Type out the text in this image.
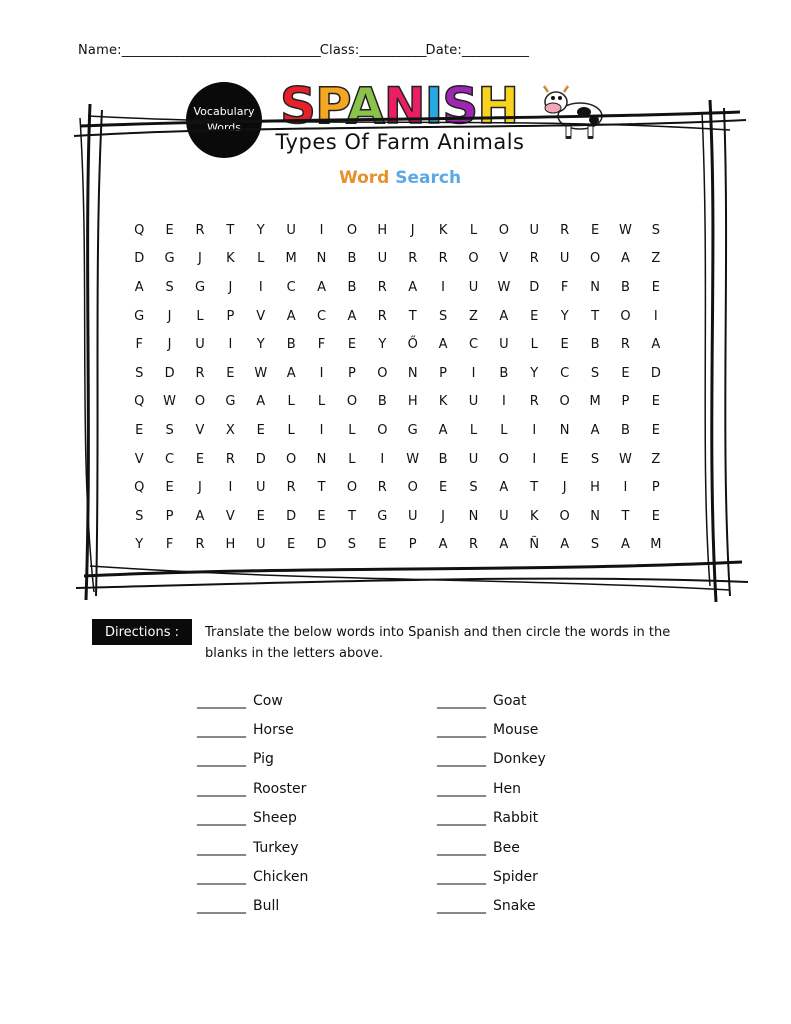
Name:____________________________________Class:____________Date:____________
Vocabulary
Words SPANISH
Types Of Farm Animals
Word Search
Q	E	R	T	Y	U	I	O	H	J	K	L	O	U	R	E	W	S
D	G	J	K	L	M	N	B	U	R	R	O	V	R	U	O	A	Z
A	S	G	J	I	C	A	B	R	A	I	U	W	D	F	N	B	E
G	J	L	P	V	A	C	A	R	T	S	Z	A	E	Y	T	O	I
F	J	U	I	Y	B	F	E	Y	Ő	A	C	U	L	E	B	R	A
S	D	R	E	W	A	I	P	O	N	P	I	B	Y	C	S	E	D
Q	W	O	G	A	L	L	O	B	H	K	U	I	R	O	M	P	E
E	S	V	X	E	L	I	L	O	G	A	L	L	I	N	A	B	E
V	C	E	R	D	O	N	L	I	W	B	U	O	I	E	S	W	Z
Q	E	J	I	U	R	T	O	R	O	E	S	A	T	J	H	I	P
S	P	A	V	E	D	E	T	G	U	J	N	U	K	O	N	T	E
Y	F	R	H	U	E	D	S	E	P	A	R	A	Ñ	A	S	A	M
Directions :	Translate the below words into Spanish and then circle the words in the blanks in the letters above.
________ Cow
________ Horse
________ Pig
________ Rooster
________ Sheep
________ Turkey
________ Chicken
________ Bull
________ Goat
________ Mouse
________ Donkey
________ Hen
________ Rabbit
________ Bee
________ Spider
________ Snake
